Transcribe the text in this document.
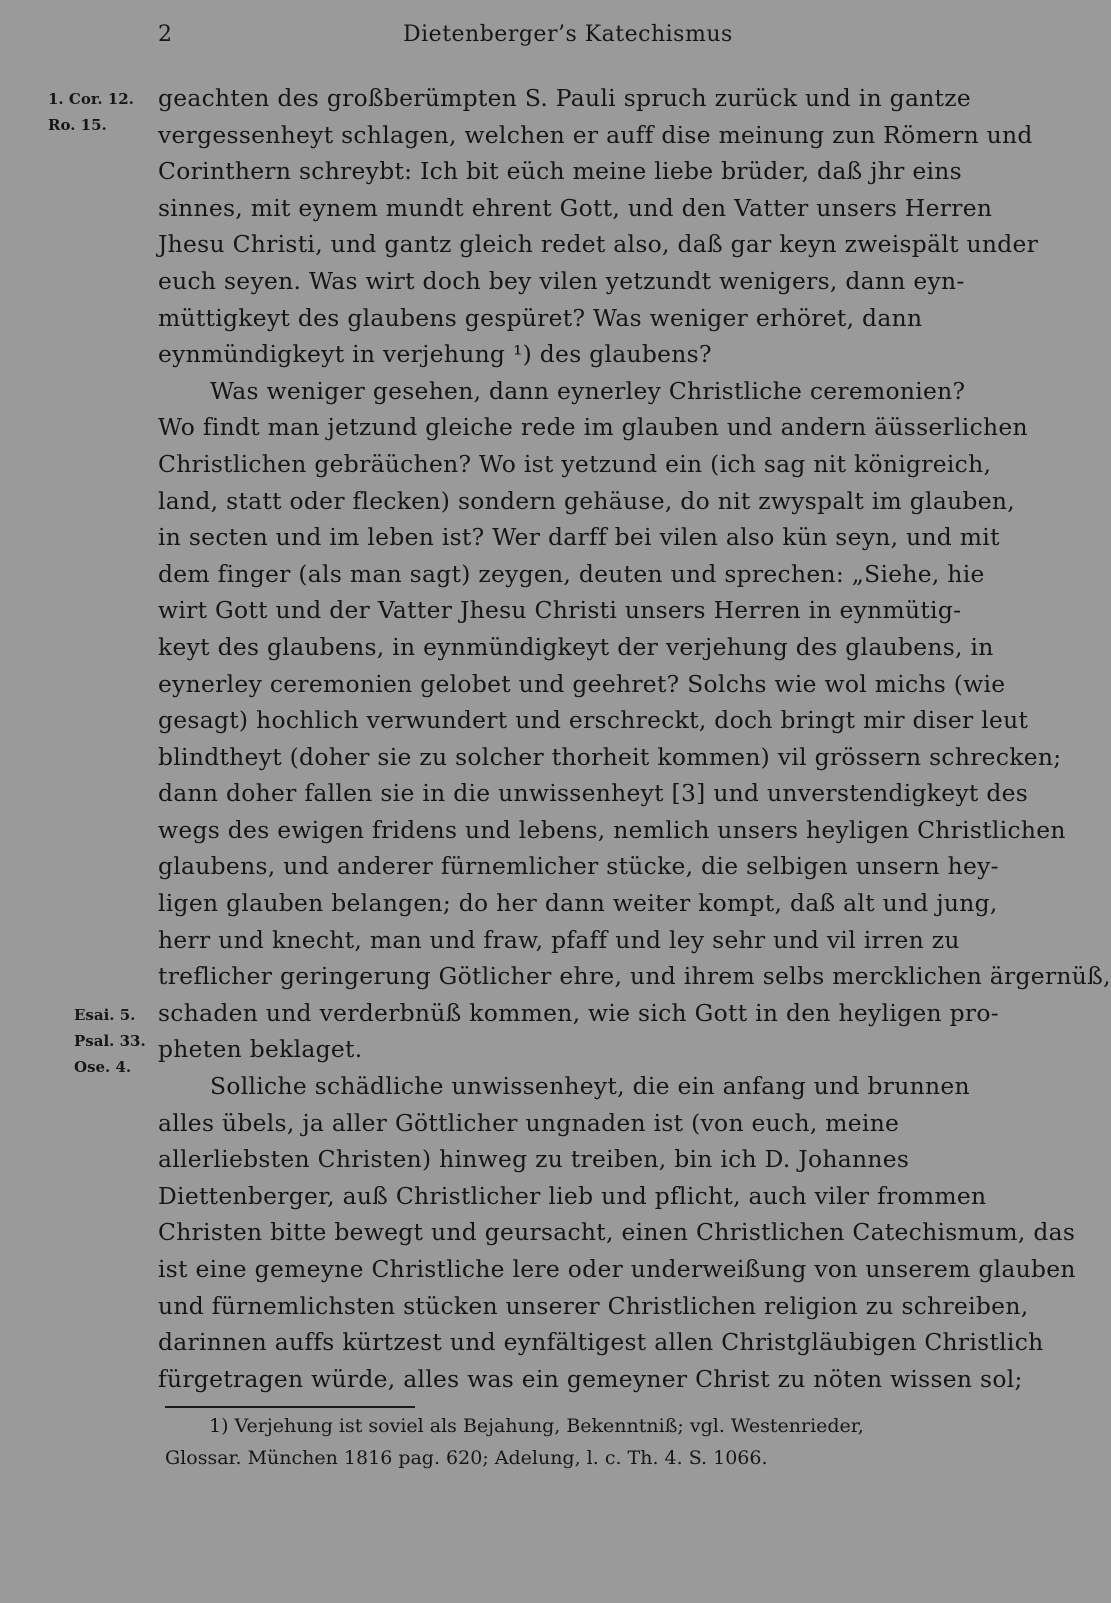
2	Dietenberger’s Katechismus
1. Cor. 12.
Ro. 15.
Esai. 5.
Psal. 33.
Ose. 4.
geachten des großberümpten S. Pauli spruch zurück und in gantze
vergessenheyt schlagen, welchen er auff dise meinung zun Römern und
Corinthern schreybt: Ich bit eüch meine liebe brüder, daß jhr eins
sinnes, mit eynem mundt ehrent Gott, und den Vatter unsers Herren
Jhesu Christi, und gantz gleich redet also, daß gar keyn zweispält under
euch seyen. Was wirt doch bey vilen yetzundt wenigers, dann eyn-
müttigkeyt des glaubens gespüret? Was weniger erhöret, dann
eynmündigkeyt in verjehung ¹) des glaubens?
Was weniger gesehen, dann eynerley Christliche ceremonien?
Wo findt man jetzund gleiche rede im glauben und andern äüsserlichen
Christlichen gebräüchen? Wo ist yetzund ein (ich sag nit königreich,
land, statt oder flecken) sondern gehäuse, do nit zwyspalt im glauben,
in secten und im leben ist? Wer darff bei vilen also kün seyn, und mit
dem finger (als man sagt) zeygen, deuten und sprechen: „Siehe, hie
wirt Gott und der Vatter Jhesu Christi unsers Herren in eynmütig-
keyt des glaubens, in eynmündigkeyt der verjehung des glaubens, in
eynerley ceremonien gelobet und geehret? Solchs wie wol michs (wie
gesagt) hochlich verwundert und erschreckt, doch bringt mir diser leut
blindtheyt (doher sie zu solcher thorheit kommen) vil grössern schrecken;
dann doher fallen sie in die unwissenheyt [3] und unverstendigkeyt des
wegs des ewigen fridens und lebens, nemlich unsers heyligen Christlichen
glaubens, und anderer fürnemlicher stücke, die selbigen unsern hey-
ligen glauben belangen; do her dann weiter kompt, daß alt und jung,
herr und knecht, man und fraw, pfaff und ley sehr und vil irren zu
treflicher geringerung Götlicher ehre, und ihrem selbs mercklichen ärgernüß,
schaden und verderbnüß kommen, wie sich Gott in den heyligen pro-
pheten beklaget.
Solliche schädliche unwissenheyt, die ein anfang und brunnen
alles übels, ja aller Göttlicher ungnaden ist (von euch, meine
allerliebsten Christen) hinweg zu treiben, bin ich D. Johannes
Diettenberger, auß Christlicher lieb und pflicht, auch viler frommen
Christen bitte bewegt und geursacht, einen Christlichen Catechismum, das
ist eine gemeyne Christliche lere oder underweißung von unserem glauben
und fürnemlichsten stücken unserer Christlichen religion zu schreiben,
darinnen auffs kürtzest und eynfältigest allen Christgläubigen Christlich
fürgetragen würde, alles was ein gemeyner Christ zu nöten wissen sol;
1) Verjehung ist soviel als Bejahung, Bekenntniß; vgl. Westenrieder,
Glossar. München 1816 pag. 620; Adelung, l. c. Th. 4. S. 1066.
